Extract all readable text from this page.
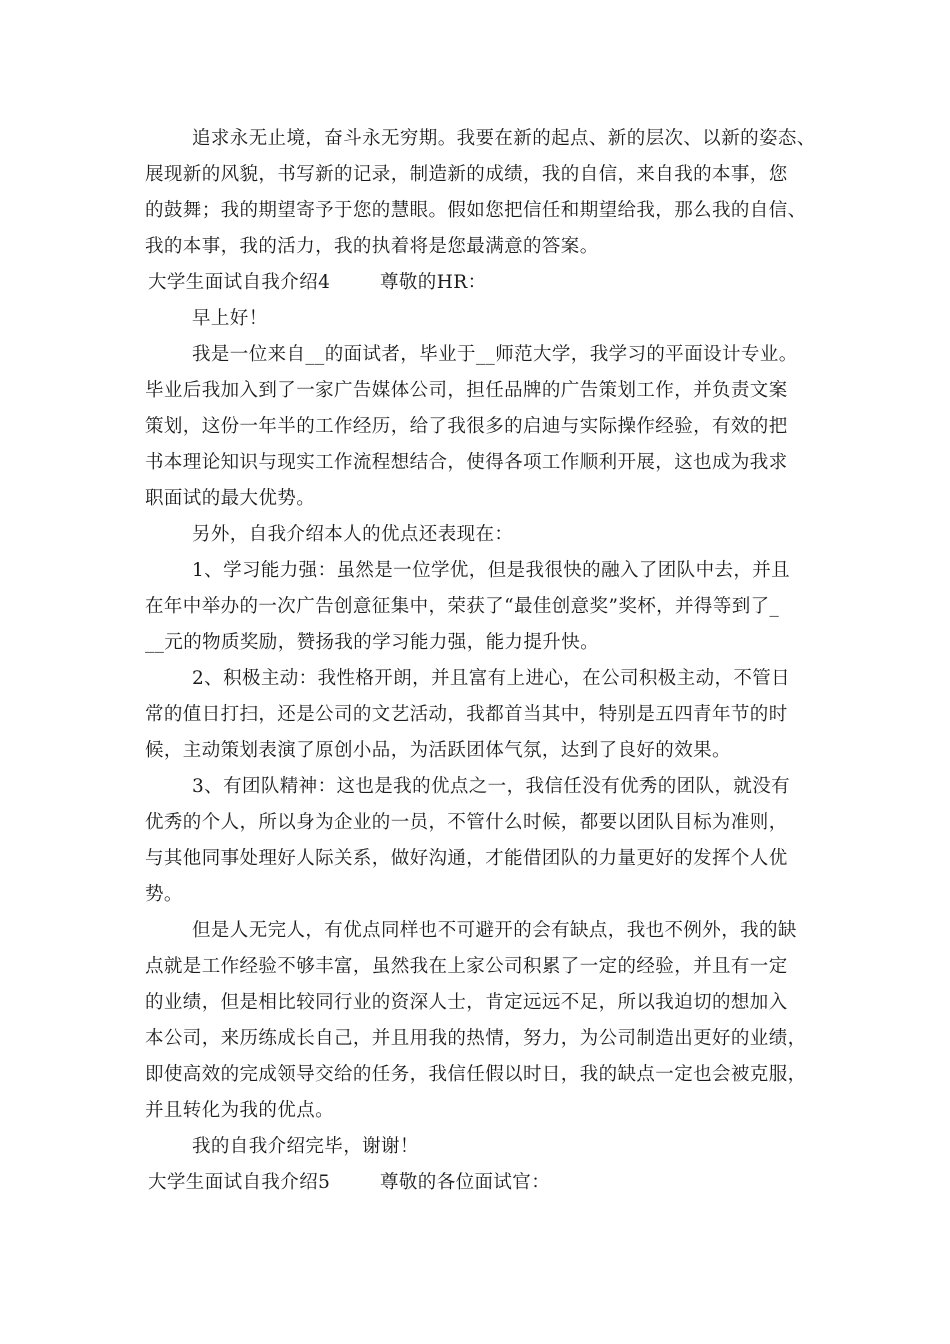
追求永无止境，奋斗永无穷期。我要在新的起点、新的层次、以新的姿态、
展现新的风貌，书写新的记录，制造新的成绩，我的自信，来自我的本事，您
的鼓舞；我的期望寄予于您的慧眼。假如您把信任和期望给我，那么我的自信、
我的本事，我的活力，我的执着将是您最满意的答案。
大学生面试自我介绍4	尊敬的HR：
早上好！
我是一位来自__的面试者，毕业于__师范大学，我学习的平面设计专业。
毕业后我加入到了一家广告媒体公司，担任品牌的广告策划工作，并负责文案
策划，这份一年半的工作经历，给了我很多的启迪与实际操作经验，有效的把
书本理论知识与现实工作流程想结合，使得各项工作顺利开展，这也成为我求
职面试的最大优势。
另外，自我介绍本人的优点还表现在：
1、学习能力强：虽然是一位学优，但是我很快的融入了团队中去，并且
在年中举办的一次广告创意征集中，荣获了“最佳创意奖”奖杯，并得等到了_
__元的物质奖励，赞扬我的学习能力强，能力提升快。
2、积极主动：我性格开朗，并且富有上进心，在公司积极主动，不管日
常的值日打扫，还是公司的文艺活动，我都首当其中，特别是五四青年节的时
候，主动策划表演了原创小品，为活跃团体气氛，达到了良好的效果。
3、有团队精神：这也是我的优点之一，我信任没有优秀的团队，就没有
优秀的个人，所以身为企业的一员，不管什么时候，都要以团队目标为准则，
与其他同事处理好人际关系，做好沟通，才能借团队的力量更好的发挥个人优
势。
但是人无完人，有优点同样也不可避开的会有缺点，我也不例外，我的缺
点就是工作经验不够丰富，虽然我在上家公司积累了一定的经验，并且有一定
的业绩，但是相比较同行业的资深人士，肯定远远不足，所以我迫切的想加入
本公司，来历练成长自己，并且用我的热情，努力，为公司制造出更好的业绩，
即使高效的完成领导交给的任务，我信任假以时日，我的缺点一定也会被克服，
并且转化为我的优点。
我的自我介绍完毕，谢谢！
大学生面试自我介绍5	尊敬的各位面试官：
